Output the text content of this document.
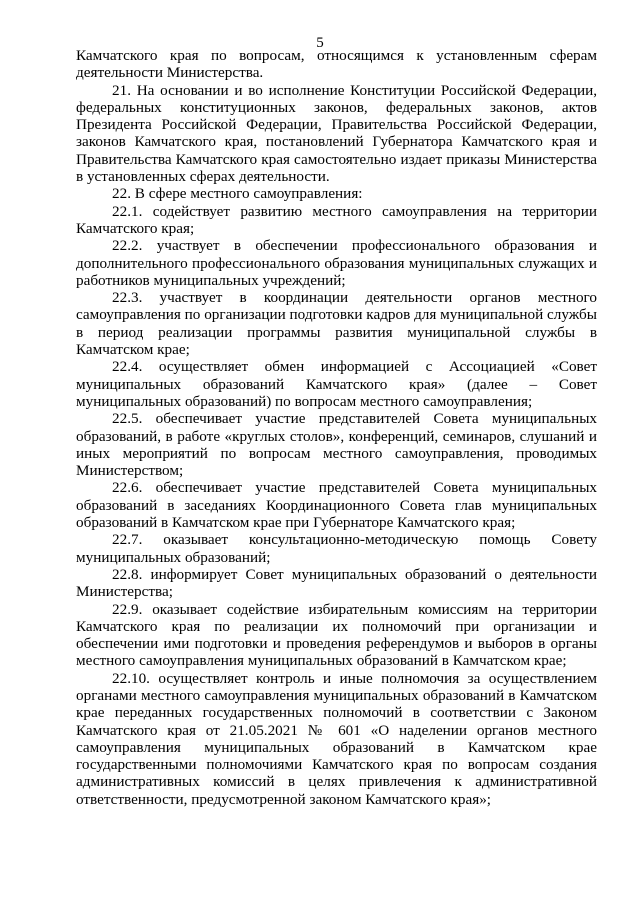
5

Камчатского края по вопросам, относящимся к установленным сферам деятельности Министерства.

21. На основании и во исполнение Конституции Российской Федерации, федеральных конституционных законов, федеральных законов, актов Президента Российской Федерации, Правительства Российской Федерации, законов Камчатского края, постановлений Губернатора Камчатского края и Правительства Камчатского края самостоятельно издает приказы Министерства в установленных сферах деятельности.

22. В сфере местного самоуправления:

22.1. содействует развитию местного самоуправления на территории Камчатского края;

22.2. участвует в обеспечении профессионального образования и дополнительного профессионального образования муниципальных служащих и работников муниципальных учреждений;

22.3. участвует в координации деятельности органов местного самоуправления по организации подготовки кадров для муниципальной службы в период реализации программы развития муниципальной службы в Камчатском крае;

22.4. осуществляет обмен информацией с Ассоциацией «Совет муниципальных образований Камчатского края» (далее – Совет муниципальных образований) по вопросам местного самоуправления;

22.5. обеспечивает участие представителей Совета муниципальных образований, в работе «круглых столов», конференций, семинаров, слушаний и иных мероприятий по вопросам местного самоуправления, проводимых Министерством;

22.6. обеспечивает участие представителей Совета муниципальных образований в заседаниях Координационного Совета глав муниципальных образований в Камчатском крае при Губернаторе Камчатского края;

22.7. оказывает консультационно-методическую помощь Совету муниципальных образований;

22.8. информирует Совет муниципальных образований о деятельности Министерства;

22.9. оказывает содействие избирательным комиссиям на территории Камчатского края по реализации их полномочий при организации и обеспечении ими подготовки и проведения референдумов и выборов в органы местного самоуправления муниципальных образований в Камчатском крае;

22.10. осуществляет контроль и иные полномочия за осуществлением органами местного самоуправления муниципальных образований в Камчатском крае переданных государственных полномочий в соответствии с Законом Камчатского края от 21.05.2021 № 601 «О наделении органов местного самоуправления муниципальных образований в Камчатском крае государственными полномочиями Камчатского края по вопросам создания административных комиссий в целях привлечения к административной ответственности, предусмотренной законом Камчатского края»;
